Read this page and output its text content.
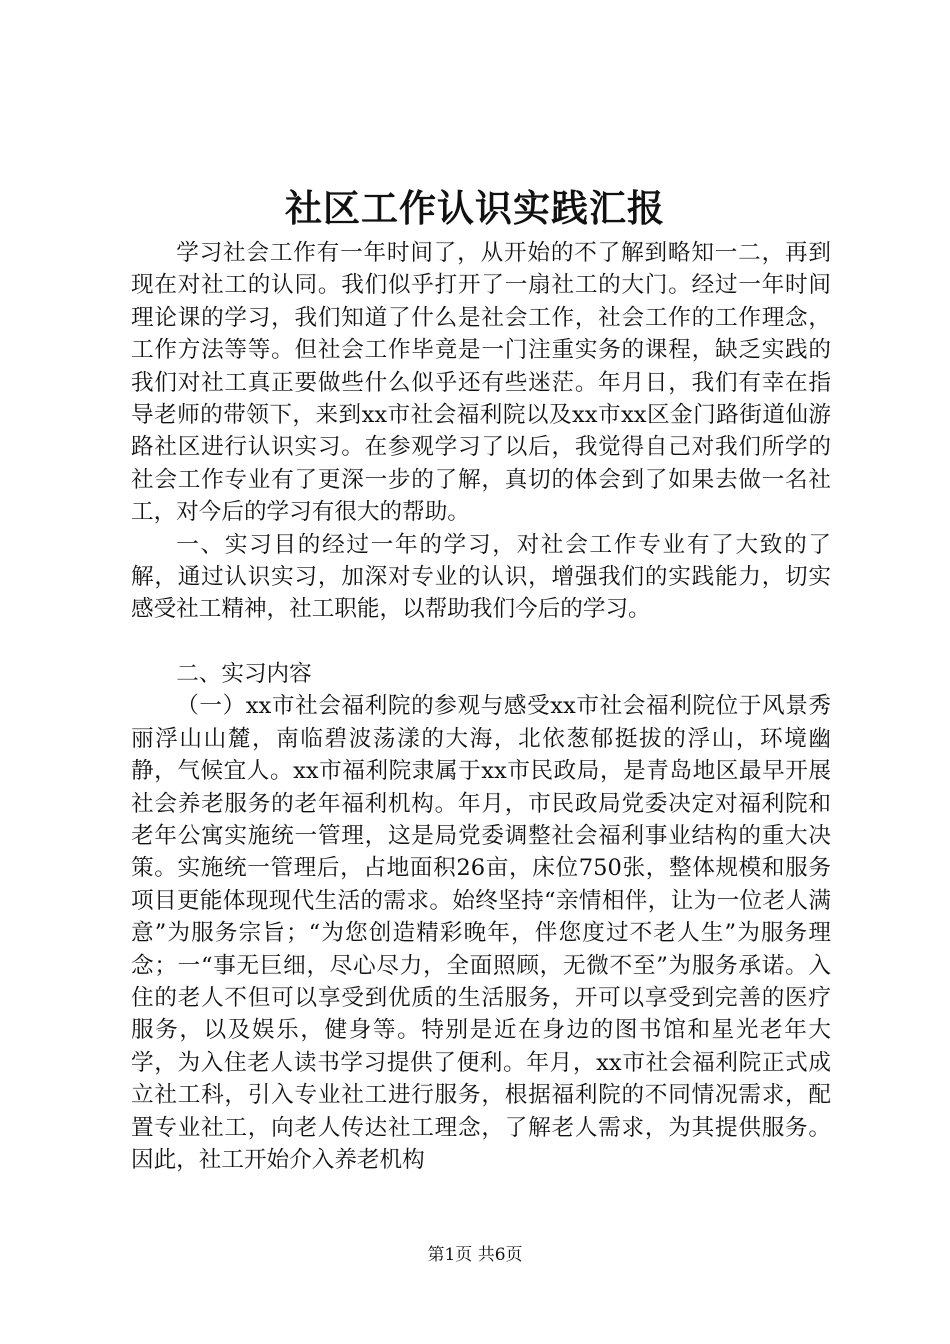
社区工作认识实践汇报

学习社会工作有一年时间了，从开始的不了解到略知一二，再到现在对社工的认同。我们似乎打开了一扇社工的大门。经过一年时间理论课的学习，我们知道了什么是社会工作，社会工作的工作理念，工作方法等等。但社会工作毕竟是一门注重实务的课程，缺乏实践的我们对社工真正要做些什么似乎还有些迷茫。年月日，我们有幸在指导老师的带领下，来到xx市社会福利院以及xx市xx区金门路街道仙游路社区进行认识实习。在参观学习了以后，我觉得自己对我们所学的社会工作专业有了更深一步的了解，真切的体会到了如果去做一名社工，对今后的学习有很大的帮助。

一、实习目的经过一年的学习，对社会工作专业有了大致的了解，通过认识实习，加深对专业的认识，增强我们的实践能力，切实感受社工精神，社工职能，以帮助我们今后的学习。

二、实习内容

（一）xx市社会福利院的参观与感受xx市社会福利院位于风景秀丽浮山山麓，南临碧波荡漾的大海，北依葱郁挺拔的浮山，环境幽静，气候宜人。xx市福利院隶属于xx市民政局，是青岛地区最早开展社会养老服务的老年福利机构。年月，市民政局党委决定对福利院和老年公寓实施统一管理，这是局党委调整社会福利事业结构的重大决策。实施统一管理后，占地面积26亩，床位750张，整体规模和服务项目更能体现现代生活的需求。始终坚持“亲情相伴，让为一位老人满意”为服务宗旨；“为您创造精彩晚年，伴您度过不老人生”为服务理念；一“事无巨细，尽心尽力，全面照顾，无微不至”为服务承诺。入住的老人不但可以享受到优质的生活服务，开可以享受到完善的医疗服务，以及娱乐，健身等。特别是近在身边的图书馆和星光老年大学，为入住老人读书学习提供了便利。年月，xx市社会福利院正式成立社工科，引入专业社工进行服务，根据福利院的不同情况需求，配置专业社工，向老人传达社工理念，了解老人需求，为其提供服务。因此，社工开始介入养老机构

第1页 共6页
